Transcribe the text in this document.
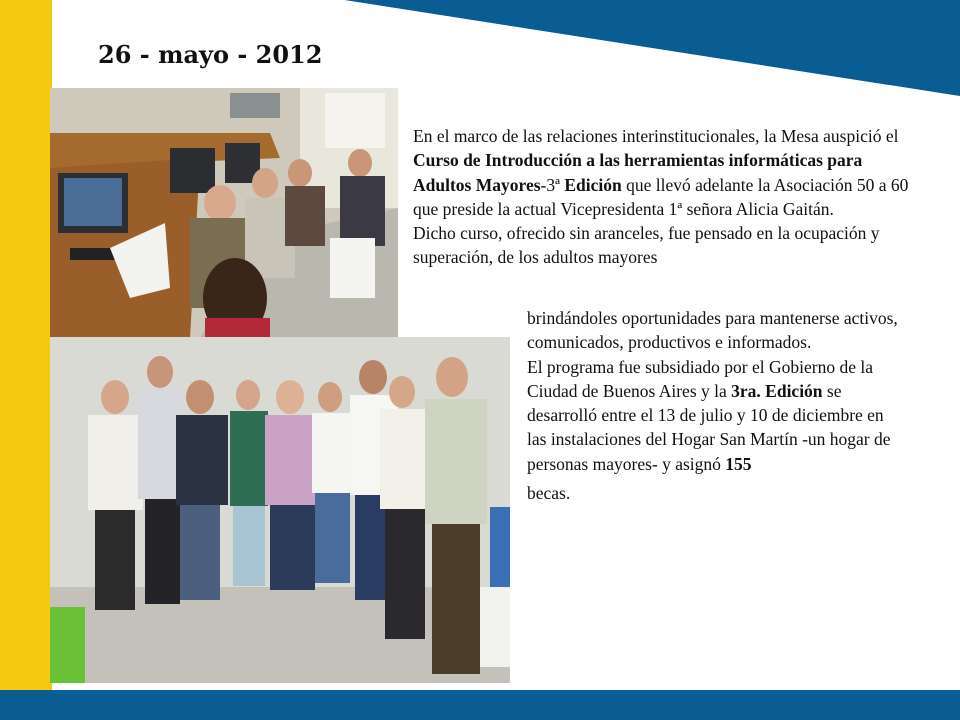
26 - mayo - 2012
En el marco de las relaciones interinstitucionales, la Mesa auspició el Curso de Introducción a las herramientas informáticas para Adultos Mayores-3ª Edición que llevó adelante la Asociación 50 a 60 que preside la actual Vicepresidenta 1ª señora Alicia Gaitán.
Dicho curso, ofrecido sin aranceles, fue pensado en la ocupación y superación, de los adultos mayores
brindándoles oportunidades para mantenerse activos, comunicados, productivos e informados.
El programa fue subsidiado por el Gobierno de la Ciudad de Buenos Aires y la 3ra. Edición se desarrolló entre el 13 de julio y 10 de diciembre en las instalaciones del Hogar San Martín -un hogar de personas mayores- y asignó 155
becas.
